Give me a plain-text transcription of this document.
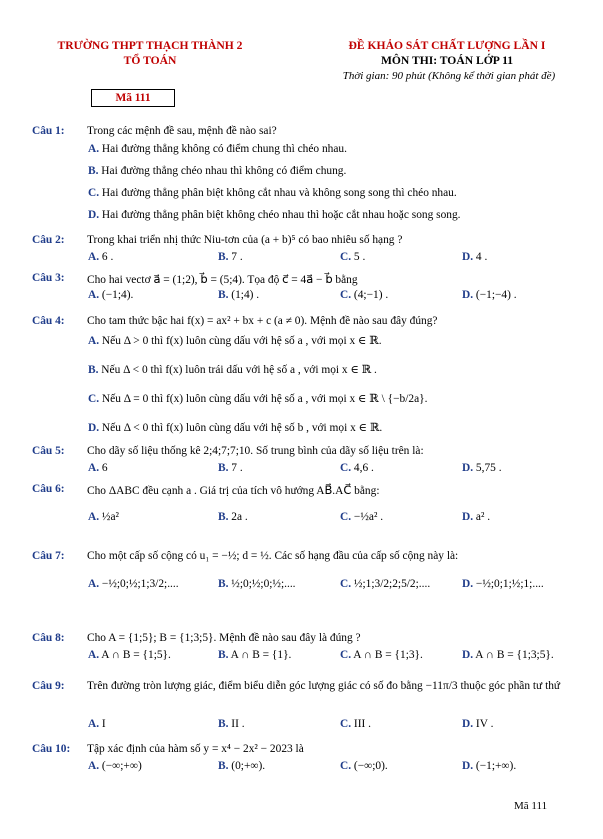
TRƯỜNG THPT THẠCH THÀNH 2
TỔ TOÁN
ĐỀ KHẢO SÁT CHẤT LƯỢNG LẦN I
MÔN THI: TOÁN LỚP 11
Thời gian: 90 phút (Không kể thời gian phát đề)
Mã 111
Câu 1: Trong các mệnh đề sau, mệnh đề nào sai?
A. Hai đường thẳng không có điểm chung thì chéo nhau.
B. Hai đường thẳng chéo nhau thì không có điểm chung.
C. Hai đường thẳng phân biệt không cắt nhau và không song song thì chéo nhau.
D. Hai đường thẳng phân biệt không chéo nhau thì hoặc cắt nhau hoặc song song.
Câu 2: Trong khai triển nhị thức Niu-tơn của (a + b)⁵ có bao nhiêu số hạng ?
A. 6 .	B. 7 .	C. 5 .	D. 4 .
Câu 3: Cho hai vectơ a⃗ = (1;2), b⃗ = (5;4). Tọa độ c⃗ = 4a⃗ − b⃗ bằng
A. (−1;4).	B. (1;4) .	C. (4;−1) .	D. (−1;−4) .
Câu 4: Cho tam thức bậc hai f(x) = ax² + bx + c (a ≠ 0). Mệnh đề nào sau đây đúng?
A. Nếu Δ > 0 thì f(x) luôn cùng dấu với hệ số a , với mọi x ∈ ℝ.
B. Nếu Δ < 0 thì f(x) luôn trái dấu với hệ số a , với mọi x ∈ ℝ .
C. Nếu Δ = 0 thì f(x) luôn cùng dấu với hệ số a , với mọi x ∈ ℝ \ {−b/2a}.
D. Nếu Δ < 0 thì f(x) luôn cùng dấu với hệ số b , với mọi x ∈ ℝ.
Câu 5: Cho dãy số liệu thống kê 2;4;7;7;10. Số trung bình của dãy số liệu trên là:
A. 6	B. 7 .	C. 4,6 .	D. 5,75 .
Câu 6: Cho ΔABC đều cạnh a . Giá trị của tích vô hướng AB⃗.AC⃗ bằng:
A. ½a²	B. 2a .	C. −½a² .	D. a² .
Câu 7: Cho một cấp số cộng có u₁ = −½; d = ½. Các số hạng đầu của cấp số cộng này là:
A. −½;0;½;1;3/2;....	B. ½;0;½;0;½;....	C. ½;1;3/2;2;5/2;....	D. −½;0;1;½;1;....
Câu 8: Cho A = {1;5}; B = {1;3;5}. Mệnh đề nào sau đây là đúng ?
A. A ∩ B = {1;5}.	B. A ∩ B = {1}.	C. A ∩ B = {1;3}.	D. A ∩ B = {1;3;5}.
Câu 9: Trên đường tròn lượng giác, điểm biểu diễn góc lượng giác có số đo bằng −11π/3 thuộc góc phần tư thứ
A. I	B. II .	C. III .	D. IV .
Câu 10: Tập xác định của hàm số y = x⁴ − 2x² − 2023 là
A. (−∞;+∞)	B. (0;+∞).	C. (−∞;0).	D. (−1;+∞).
Mã 111
